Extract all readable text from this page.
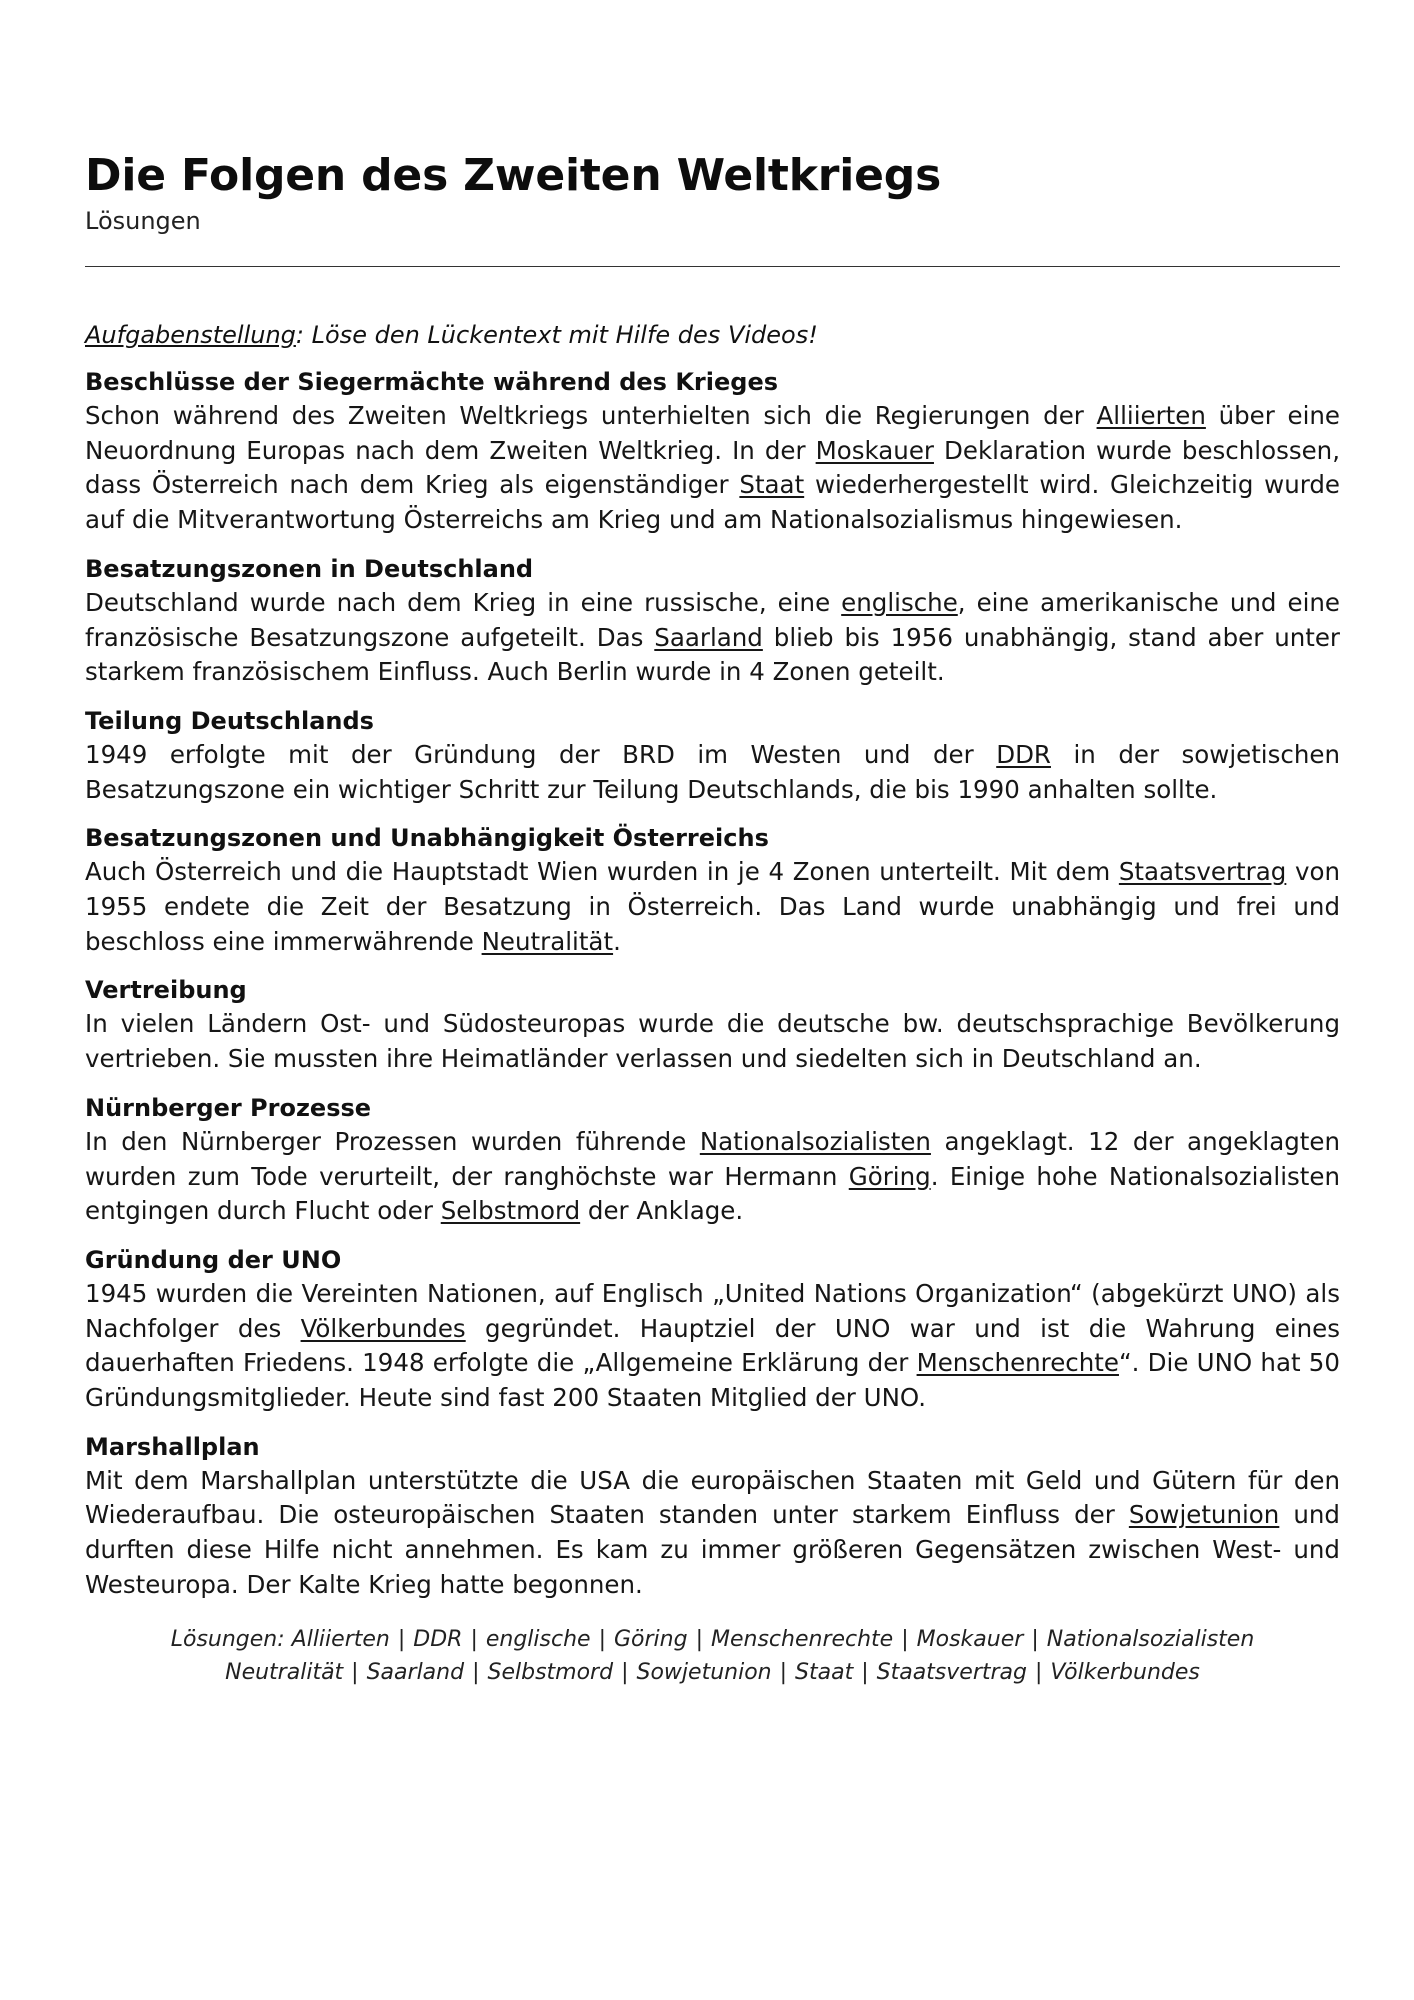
Die Folgen des Zweiten Weltkriegs
Lösungen
Aufgabenstellung: Löse den Lückentext mit Hilfe des Videos!
Beschlüsse der Siegermächte während des Krieges

Schon während des Zweiten Weltkriegs unterhielten sich die Regierungen der Alliierten über eine Neuordnung Europas nach dem Zweiten Weltkrieg. In der Moskauer Deklaration wurde beschlossen, dass Österreich nach dem Krieg als eigenständiger Staat wiederhergestellt wird. Gleichzeitig wurde auf die Mitverantwortung Österreichs am Krieg und am Nationalsozialismus hingewiesen.

Besatzungszonen in Deutschland

Deutschland wurde nach dem Krieg in eine russische, eine englische, eine amerikanische und eine französische Besatzungszone aufgeteilt. Das Saarland blieb bis 1956 unabhängig, stand aber unter starkem französischem Einfluss. Auch Berlin wurde in 4 Zonen geteilt.

Teilung Deutschlands

1949 erfolgte mit der Gründung der BRD im Westen und der DDR in der sowjetischen Besatzungszone ein wichtiger Schritt zur Teilung Deutschlands, die bis 1990 anhalten sollte.

Besatzungszonen und Unabhängigkeit Österreichs

Auch Österreich und die Hauptstadt Wien wurden in je 4 Zonen unterteilt. Mit dem Staatsvertrag von 1955 endete die Zeit der Besatzung in Österreich. Das Land wurde unabhängig und frei und beschloss eine immerwährende Neutralität.

Vertreibung

In vielen Ländern Ost- und Südosteuropas wurde die deutsche bw. deutschsprachige Bevölkerung vertrieben. Sie mussten ihre Heimatländer verlassen und siedelten sich in Deutschland an.

Nürnberger Prozesse

In den Nürnberger Prozessen wurden führende Nationalsozialisten angeklagt. 12 der angeklagten wurden zum Tode verurteilt, der ranghöchste war Hermann Göring. Einige hohe Nationalsozialisten entgingen durch Flucht oder Selbstmord der Anklage.

Gründung der UNO

1945 wurden die Vereinten Nationen, auf Englisch „United Nations Organization“ (abgekürzt UNO) als Nachfolger des Völkerbundes gegründet. Hauptziel der UNO war und ist die Wahrung eines dauerhaften Friedens. 1948 erfolgte die „Allgemeine Erklärung der Menschenrechte“. Die UNO hat 50 Gründungsmitglieder. Heute sind fast 200 Staaten Mitglied der UNO.

Marshallplan

Mit dem Marshallplan unterstützte die USA die europäischen Staaten mit Geld und Gütern für den Wiederaufbau. Die osteuropäischen Staaten standen unter starkem Einfluss der Sowjetunion und durften diese Hilfe nicht annehmen. Es kam zu immer größeren Gegensätzen zwischen West- und Westeuropa. Der Kalte Krieg hatte begonnen.

Lösungen: Alliierten | DDR | englische | Göring | Menschenrechte | Moskauer | Nationalsozialisten
Neutralität | Saarland | Selbstmord | Sowjetunion | Staat | Staatsvertrag | Völkerbundes
